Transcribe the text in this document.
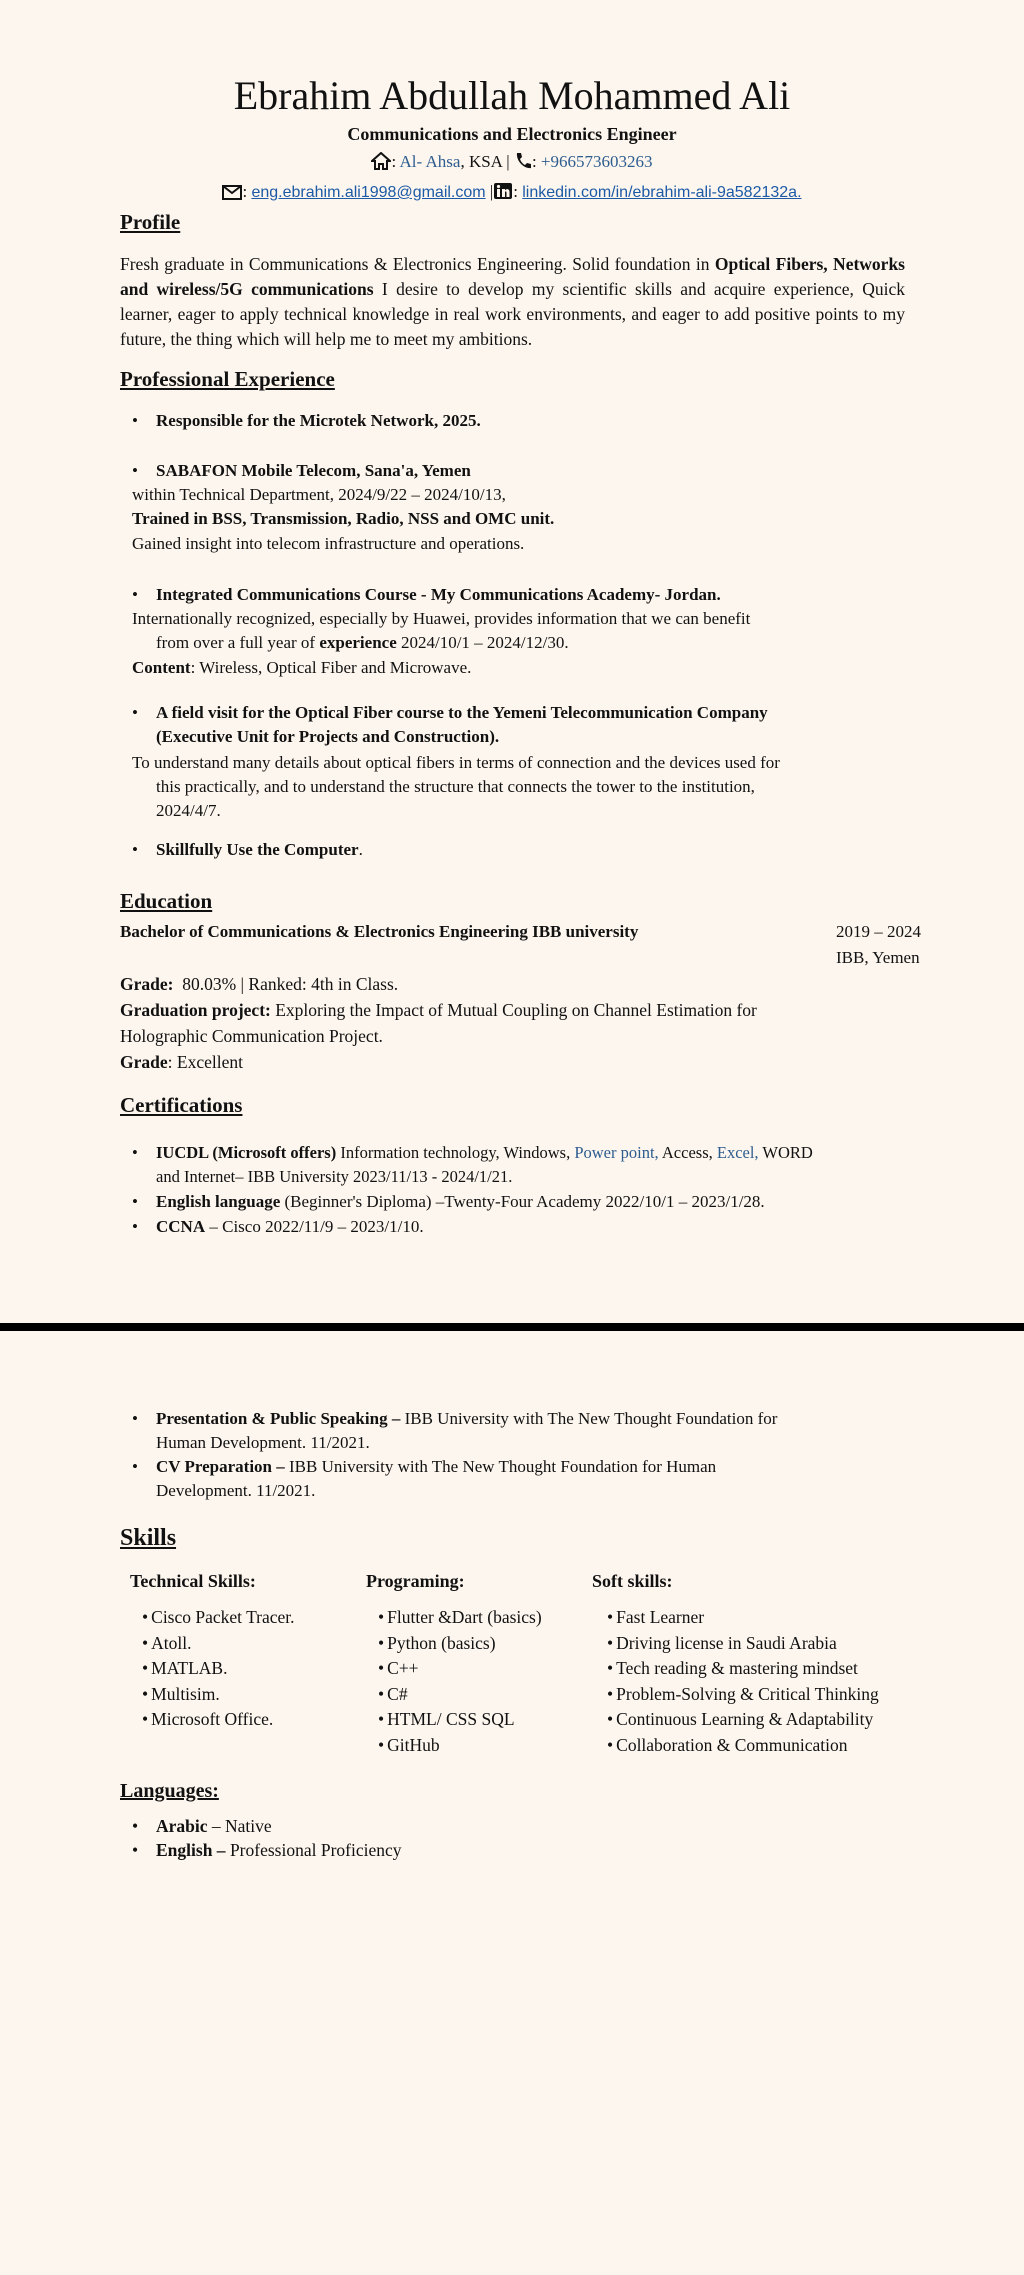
Ebrahim Abdullah Mohammed Ali
Communications and Electronics Engineer
: Al- Ahsa, KSA | : +966573603263
: eng.ebrahim.ali1998@gmail.com | : linkedin.com/in/ebrahim-ali-9a582132a.
Profile
Fresh graduate in Communications & Electronics Engineering. Solid foundation in Optical Fibers, Networks and wireless/5G communications I desire to develop my scientific skills and acquire experience, Quick learner, eager to apply technical knowledge in real work environments, and eager to add positive points to my future, the thing which will help me to meet my ambitions.
Professional Experience
• Responsible for the Microtek Network, 2025.
• SABAFON Mobile Telecom, Sana'a, Yemen
within Technical Department, 2024/9/22 – 2024/10/13,
Trained in BSS, Transmission, Radio, NSS and OMC unit.
Gained insight into telecom infrastructure and operations.
• Integrated Communications Course - My Communications Academy- Jordan.
Internationally recognized, especially by Huawei, provides information that we can benefit
from over a full year of experience 2024/10/1 – 2024/12/30.
Content: Wireless, Optical Fiber and Microwave.
• A field visit for the Optical Fiber course to the Yemeni Telecommunication Company
(Executive Unit for Projects and Construction).
To understand many details about optical fibers in terms of connection and the devices used for
this practically, and to understand the structure that connects the tower to the institution,
2024/4/7.
• Skillfully Use the Computer.
Education
Bachelor of Communications & Electronics Engineering IBB university	2019 – 2024
IBB, Yemen
Grade: 80.03% | Ranked: 4th in Class.
Graduation project: Exploring the Impact of Mutual Coupling on Channel Estimation for
Holographic Communication Project.
Grade: Excellent
Certifications
• IUCDL (Microsoft offers) Information technology, Windows, Power point, Access, Excel, WORD
and Internet– IBB University 2023/11/13 - 2024/1/21.
• English language (Beginner's Diploma) –Twenty-Four Academy 2022/10/1 – 2023/1/28.
• CCNA – Cisco 2022/11/9 – 2023/1/10.
• Presentation & Public Speaking – IBB University with The New Thought Foundation for
Human Development. 11/2021.
• CV Preparation – IBB University with The New Thought Foundation for Human
Development. 11/2021.
Skills
Technical Skills:
• Cisco Packet Tracer.
• Atoll.
• MATLAB.
• Multisim.
• Microsoft Office.
Programing:
• Flutter &Dart (basics)
• Python (basics)
• C++
• C#
• HTML/ CSS SQL
• GitHub
Soft skills:
• Fast Learner
• Driving license in Saudi Arabia
• Tech reading & mastering mindset
• Problem-Solving & Critical Thinking
• Continuous Learning & Adaptability
• Collaboration & Communication
Languages:
• Arabic – Native
• English – Professional Proficiency
